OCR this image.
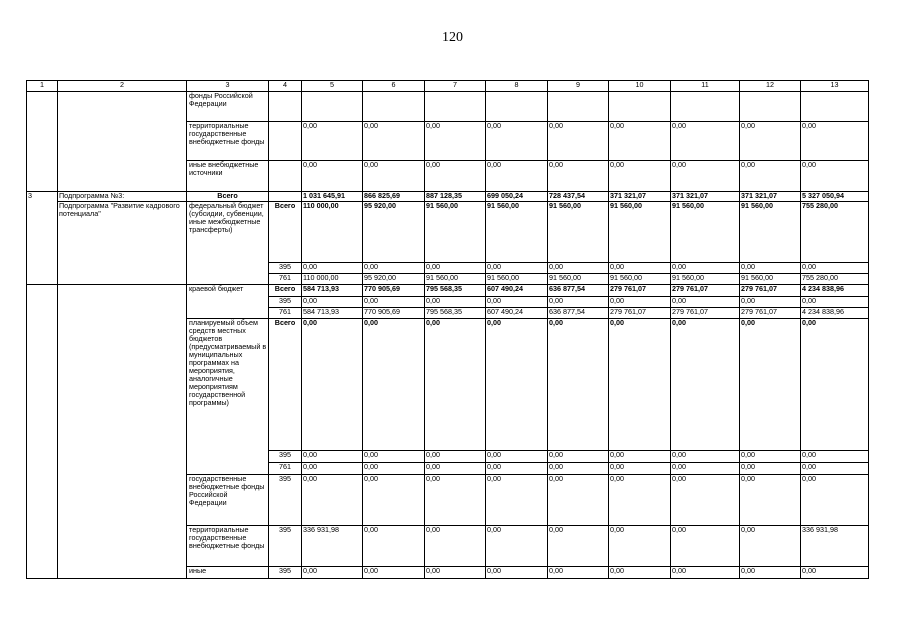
120
1	2	3	4	5	6	7	8	9	10	11	12	13
		фонды Российской Федерации										
		территориальные государственные внебюджетные фонды		0,00	0,00	0,00	0,00	0,00	0,00	0,00	0,00	0,00
		иные внебюджетные источники		0,00	0,00	0,00	0,00	0,00	0,00	0,00	0,00	0,00
3	Подпрограмма №3:	Всего		1 031 645,91	866 825,69	887 128,35	699 050,24	728 437,54	371 321,07	371 321,07	371 321,07	5 327 050,94
	Подпрограмма "Развитие кадрового потенциала"	федеральный бюджет (субсидии, субвенции, иные межбюджетные трансферты)	Всего	110 000,00	95 920,00	91 560,00	91 560,00	91 560,00	91 560,00	91 560,00	91 560,00	755 280,00
			395	0,00	0,00	0,00	0,00	0,00	0,00	0,00	0,00	0,00
			761	110 000,00	95 920,00	91 560,00	91 560,00	91 560,00	91 560,00	91 560,00	91 560,00	755 280,00
		краевой бюджет	Всего	584 713,93	770 905,69	795 568,35	607 490,24	636 877,54	279 761,07	279 761,07	279 761,07	4 234 838,96
			395	0,00	0,00	0,00	0,00	0,00	0,00	0,00	0,00	0,00
			761	584 713,93	770 905,69	795 568,35	607 490,24	636 877,54	279 761,07	279 761,07	279 761,07	4 234 838,96
		планируемый объем средств местных бюджетов (предусматриваемый в муниципальных программах на мероприятия, аналогичные мероприятиям государственной программы)	Всего	0,00	0,00	0,00	0,00	0,00	0,00	0,00	0,00	0,00
			395	0,00	0,00	0,00	0,00	0,00	0,00	0,00	0,00	0,00
			761	0,00	0,00	0,00	0,00	0,00	0,00	0,00	0,00	0,00
		государственные внебюджетные фонды Российской Федерации	395	0,00	0,00	0,00	0,00	0,00	0,00	0,00	0,00	0,00
		территориальные государственные внебюджетные фонды	395	336 931,98	0,00	0,00	0,00	0,00	0,00	0,00	0,00	336 931,98
		иные	395	0,00	0,00	0,00	0,00	0,00	0,00	0,00	0,00	0,00
